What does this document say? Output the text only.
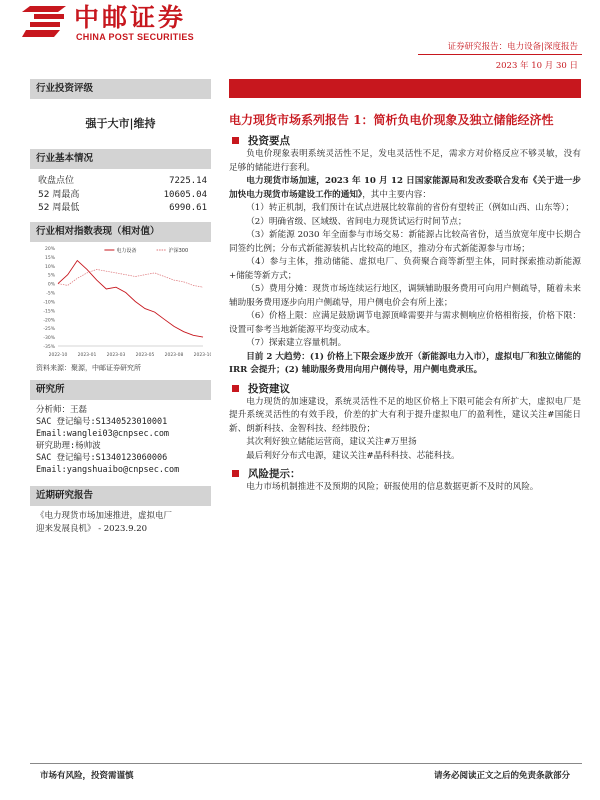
中邮证券
CHINA POST SECURITIES
证券研究报告：电力设备|深度报告
2023 年 10 月 30 日
行业投资评级
强于大市|维持
行业基本情况
收盘点位	7225.14
52 周最高	10605.04
52 周最低	6990.61
行业相对指数表现（相对值）
20%
15%
10%
5%
0%
-5%
-10%
-15%
-20%
-25%
-30%
-35%
2022-10 2023-01 2023-03 2023-05 2023-08 2023-10
电力设备	沪深300
资料来源：聚源，中邮证券研究所
研究所
分析师：王磊
SAC 登记编号:S1340523010001
Email:wanglei03@cnpsec.com
研究助理:杨帅波
SAC 登记编号:S1340123060006
Email:yangshuaibo@cnpsec.com
近期研究报告
《电力现货市场加速推进，虚拟电厂
迎来发展良机》 - 2023.9.20
电力现货市场系列报告 1：简析负电价现象及独立储能经济性
投资要点

负电价现象表明系统灵活性不足，发电灵活性不足，需求方对价格反应不够灵敏，没有足够的储能进行套利。

电力现货市场加速，2023 年 10 月 12 日国家能源局和发改委联合发布《关于进一步加快电力现货市场建设工作的通知》，其中主要内容：

（1）转正机制，我们预计在试点进展比较靠前的省份有望转正（例如山西、山东等）；

（2）明确省级、区域级、省间电力现货试运行时间节点；

（3）新能源 2030 年全面参与市场交易：新能源占比较高省份，适当放宽年度中长期合同签约比例；分布式新能源装机占比较高的地区，推动分布式新能源参与市场；

（4）参与主体，推动储能、虚拟电厂、负荷聚合商等新型主体，同时探索推动新能源+储能等新方式；

（5）费用分摊：现货市场连续运行地区，调频辅助服务费用可向用户侧疏导，随着未来辅助服务费用逐步向用户侧疏导，用户侧电价会有所上涨；

（6）价格上限：应满足鼓励调节电源顶峰需要并与需求侧响应价格相衔接，价格下限：设置可参考当地新能源平均变动成本。

（7）探索建立容量机制。

目前 2 大趋势：(1) 价格上下限会逐步放开（新能源电力入市），虚拟电厂和独立储能的 IRR 会提升；(2) 辅助服务费用向用户侧传导，用户侧电费承压。

投资建议

电力现货的加速建设，系统灵活性不足的地区价格上下限可能会有所扩大，虚拟电厂是提升系统灵活性的有效手段，价差的扩大有利于提升虚拟电厂的盈利性，建议关注#国能日新、朗新科技、金智科技、经纬股份；

其次利好独立储能运营商，建议关注#万里扬

最后利好分布式电源，建议关注#晶科科技、芯能科技。

风险提示：

电力市场机制推进不及预期的风险；研报使用的信息数据更新不及时的风险。

市场有风险，投资需谨慎	请务必阅读正文之后的免责条款部分
